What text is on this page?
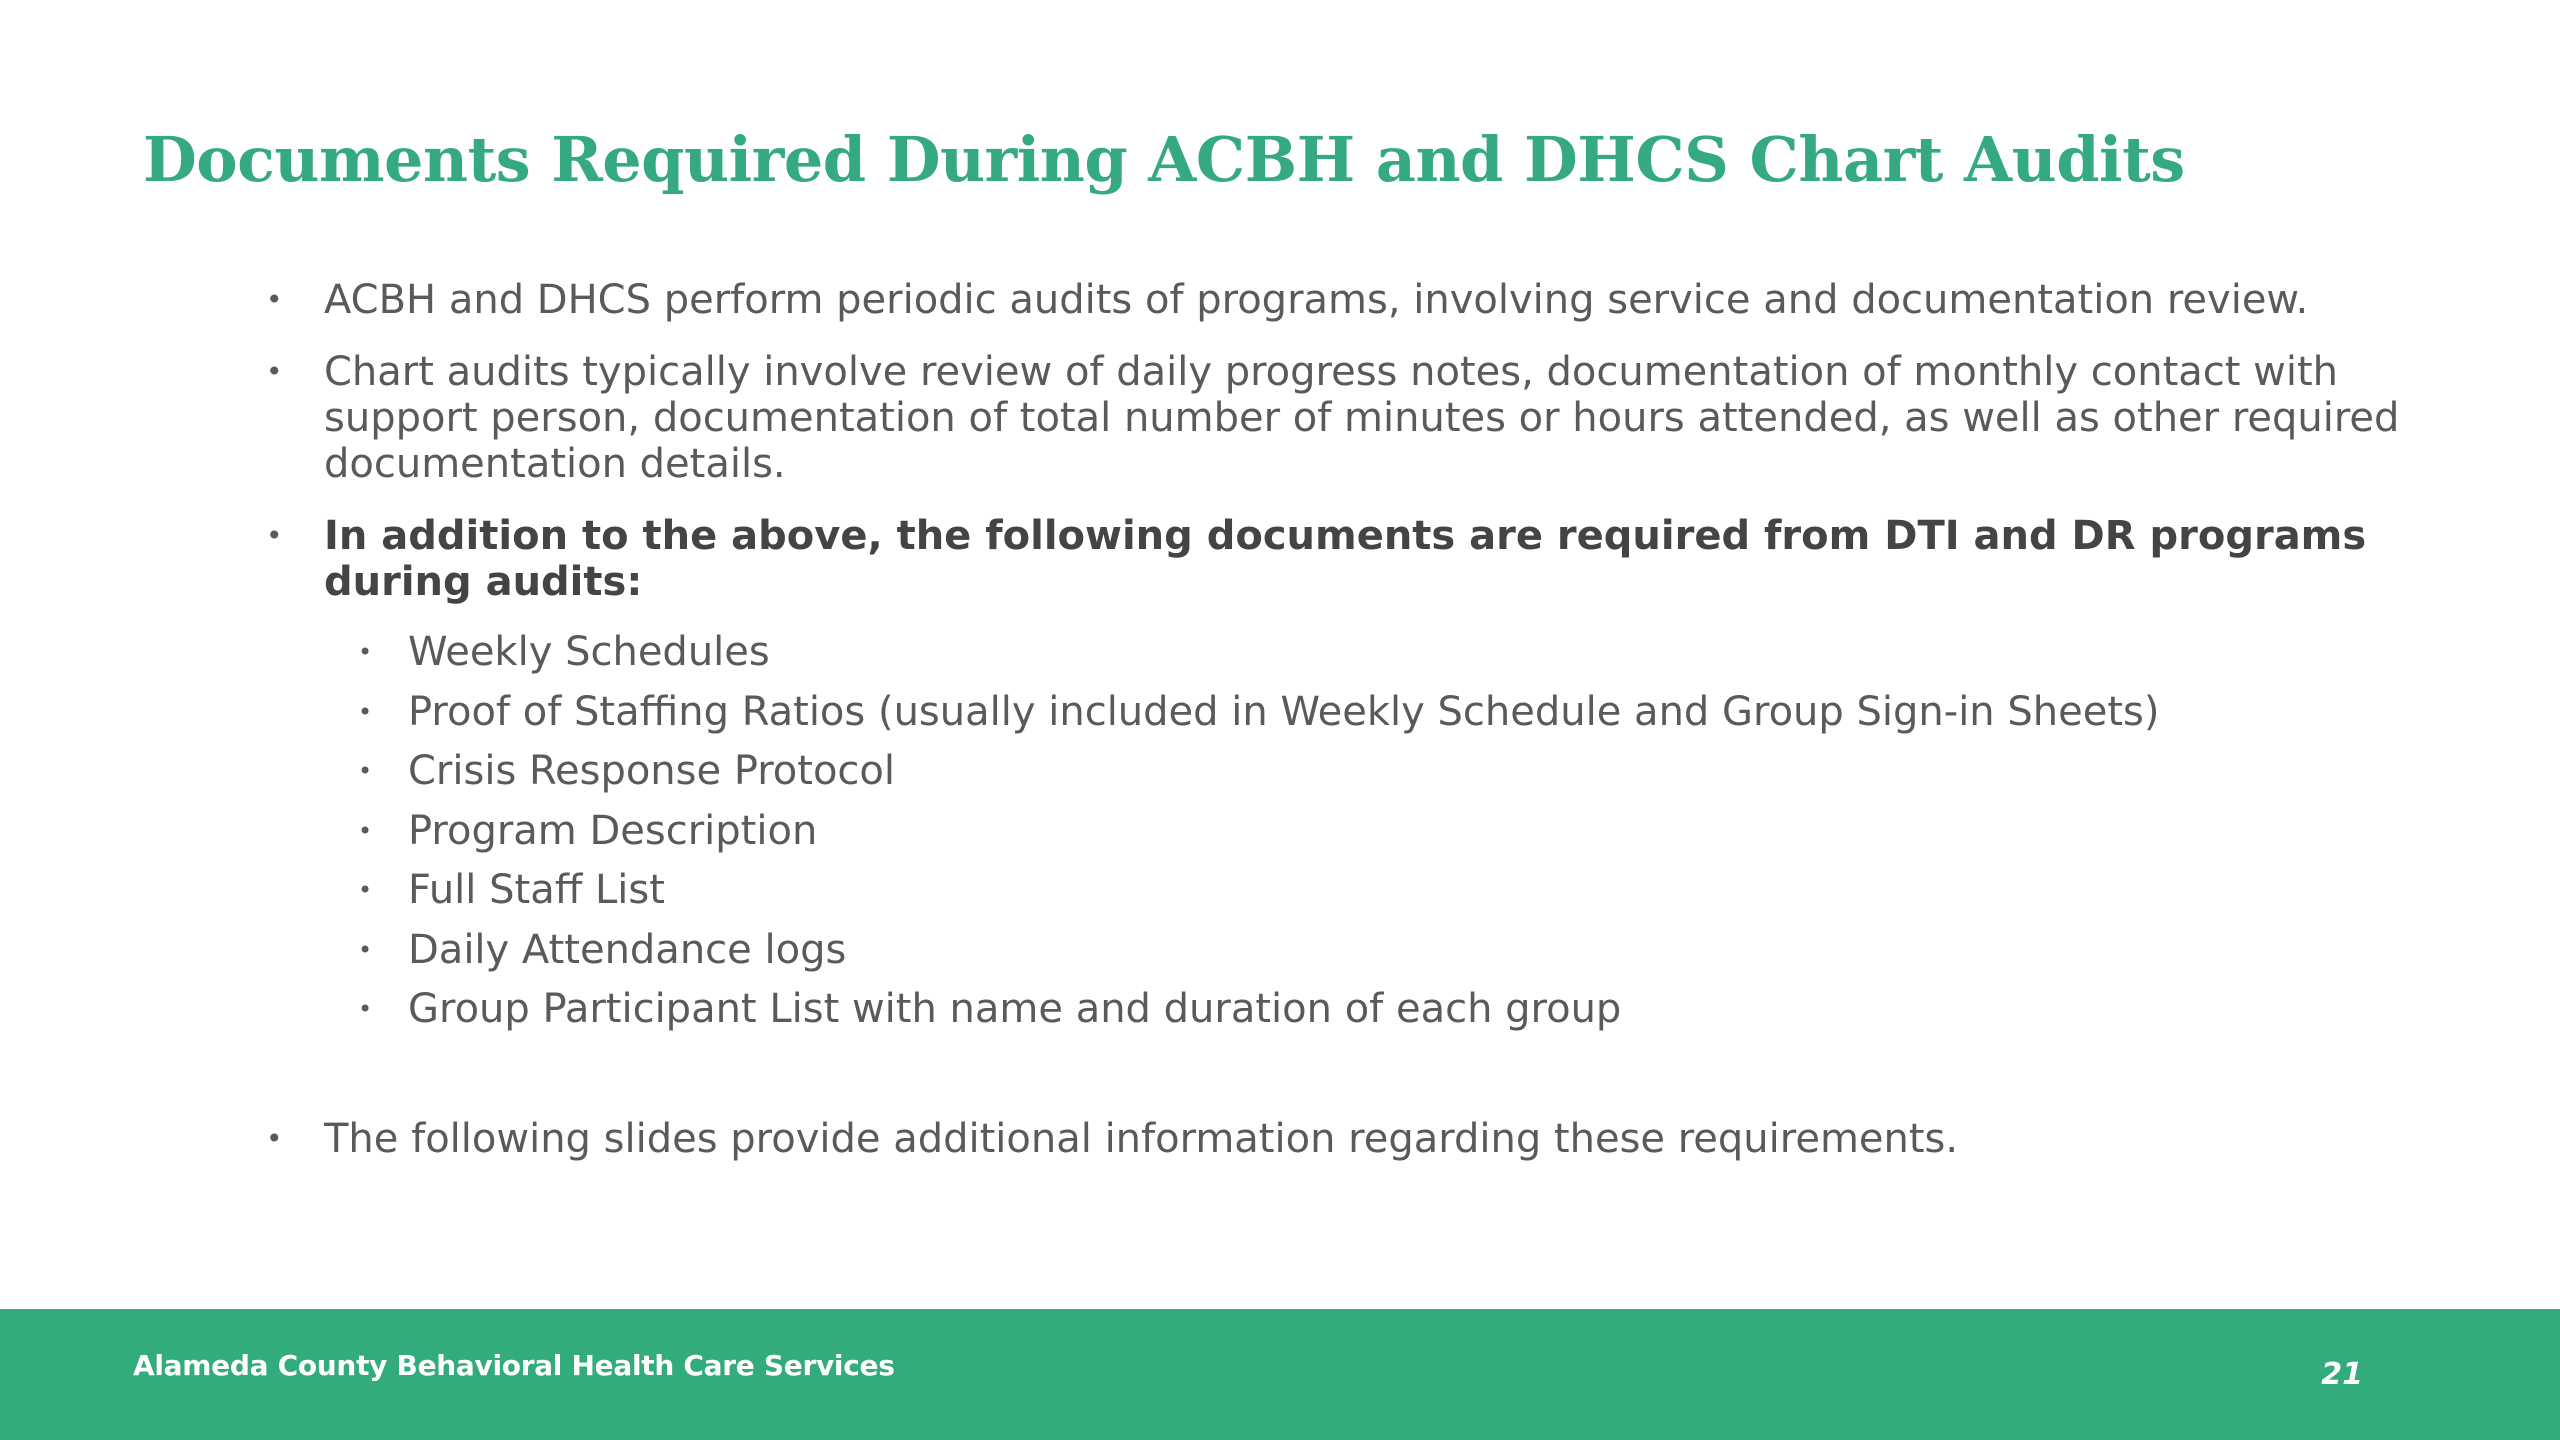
Documents Required During ACBH and DHCS Chart Audits
• ACBH and DHCS perform periodic audits of programs, involving service and documentation review.
• Chart audits typically involve review of daily progress notes, documentation of monthly contact with support person, documentation of total number of minutes or hours attended, as well as other required documentation details.
• In addition to the above, the following documents are required from DTI and DR programs during audits:
• Weekly Schedules
• Proof of Staffing Ratios (usually included in Weekly Schedule and Group Sign-in Sheets)
• Crisis Response Protocol
• Program Description
• Full Staff List
• Daily Attendance logs
• Group Participant List with name and duration of each group
• The following slides provide additional information regarding these requirements.
Alameda County Behavioral Health Care Services	21
